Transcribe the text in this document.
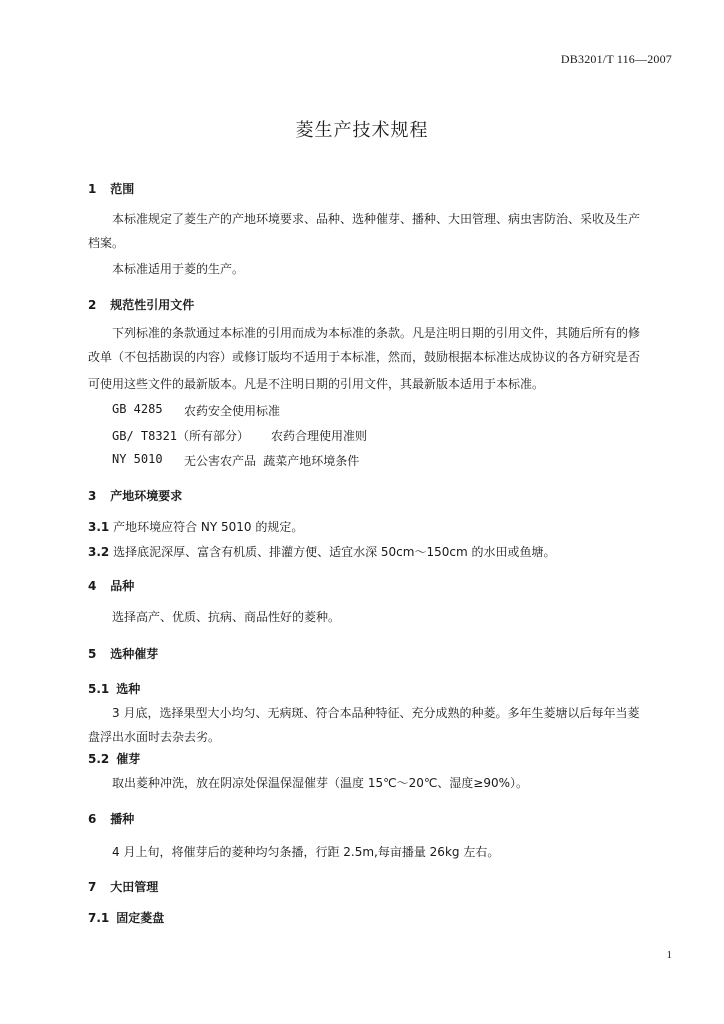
DB3201/T 116—2007
菱生产技术规程
1 范围
本标准规定了菱生产的产地环境要求、品种、选种催芽、播种、大田管理、病虫害防治、采收及生产
档案。
本标准适用于菱的生产。
2 规范性引用文件
下列标准的条款通过本标准的引用而成为本标准的条款。凡是注明日期的引用文件，其随后所有的修
改单（不包括勘误的内容）或修订版均不适用于本标准，然而，鼓励根据本标准达成协议的各方研究是否
可使用这些文件的最新版本。凡是不注明日期的引用文件，其最新版本适用于本标准。
GB 4285 农药安全使用标准
GB/ T8321（所有部分） 农药合理使用准则
NY 5010 无公害农产品 蔬菜产地环境条件
3 产地环境要求
3.1 产地环境应符合 NY 5010 的规定。
3.2 选择底泥深厚、富含有机质、排灌方便、适宜水深 50cm～150cm 的水田或鱼塘。
4 品种
选择高产、优质、抗病、商品性好的菱种。
5 选种催芽
5.1 选种
3 月底，选择果型大小均匀、无病斑、符合本品种特征、充分成熟的种菱。多年生菱塘以后每年当菱
盘浮出水面时去杂去劣。
5.2 催芽
取出菱种冲洗，放在阴凉处保温保湿催芽（温度 15℃～20℃、湿度≥90%）。
6 播种
4 月上旬，将催芽后的菱种均匀条播，行距 2.5m,每亩播量 26kg 左右。
7 大田管理
7.1 固定菱盘
1
